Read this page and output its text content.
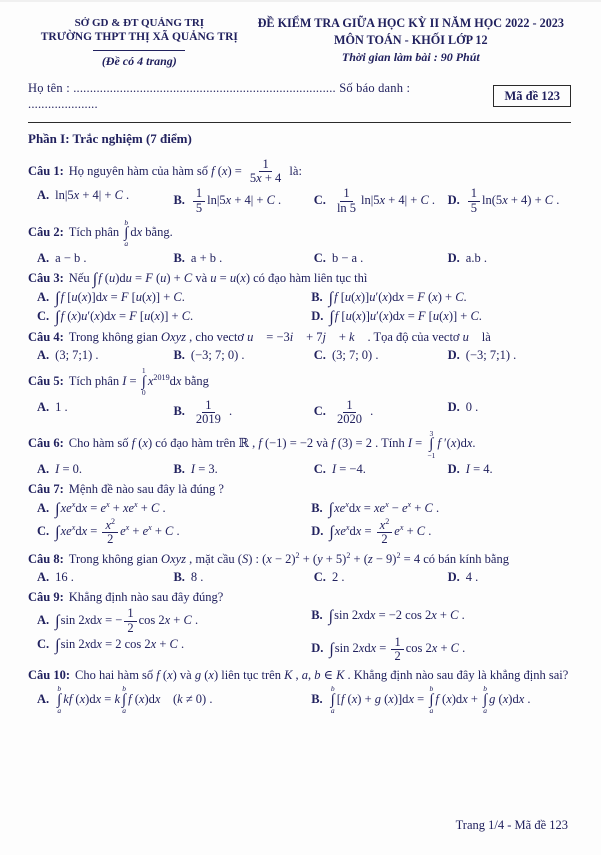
SỞ GD & ĐT QUẢNG TRỊ
TRƯỜNG THPT THỊ XÃ QUẢNG TRỊ
(Đề có 4 trang)
ĐỀ KIỂM TRA GIỮA HỌC KỲ II NĂM HỌC 2022 - 2023
MÔN TOÁN - KHỐI LỚP 12
Thời gian làm bài : 90 Phút
Họ tên : ............................................................................... Số báo danh : .....................
Mã đề 123
Phần I: Trắc nghiệm (7 điểm)
Câu 1: Họ nguyên hàm của hàm số f $(x) = \frac{1}{5x + 4}$ là:
A. ln|5x + 4| + C .	B. $\frac{1}{5} \ln|5x + 4| + C$ .	C. $\frac{1}{\ln 5} \ln|5x + 4| + C$ .	D. $\frac{1}{5} \ln(5x + 4) + C$ .
Câu 2: Tích phân
b
∫
a
dx bằng.
A. a − b .	B. a + b .	C. b − a .	D. a.b .
Câu 3: Nếu ∫f (u)du = F (u) + C và u = u(x) có đạo hàm liên tục thì
A. ∫f [u(x)]dx = F [u(x)] + C.	B. ∫f [u(x)]u′(x)dx = F (x) + C.
C. ∫f (x)u′(x)dx = F [u(x)] + C.	D. ∫f [u(x)]u′(x)dx = F [u(x)] + C.
Câu 4: Trong không gian Oxyz , cho vectơ u⃗ = −3i⃗ + 7j⃗ + k⃗ . Tọa độ của vectơ u⃗ là
A. (3; 7;1) .	B. (−3; 7; 0) .	C. (3; 7; 0) .	D. (−3; 7;1) .
Câu 5: Tích phân I =
1
∫
0
$x^{2019}dx$ bằng
A. 1 .	B. $\frac{1}{2019}$ .	C. $\frac{1}{2020}$ .	D. 0 .
Câu 6: Cho hàm số f (x) có đạo hàm trên ℝ , f (−1) = −2 và f (3) = 2 . Tính I =
3
∫
−1
f ′(x)dx.
A. I = 0.	B. I = 3.	C. I = −4.	D. I = 4.
Câu 7: Mệnh đề nào sau đây là đúng ?
A. $\int xe^xdx = e^x + xe^x + C$ .	B. $\int xe^xdx = xe^x - e^x + C$ .
C. $\int xe^xdx = \frac{x^2}{2} e^x + e^x + C$ .	D. $\int xe^xdx = \frac{x^2}{2} e^x + C$ .
Câu 8: Trong không gian Oxyz , mặt cầu (S) : $(x - 2)^2 + (y + 5)^2 + (z - 9)^2 = 4$ có bán kính bằng
A. 16 .	B. 8 .	C. 2 .	D. 4 .
Câu 9: Khẳng định nào sau đây đúng?
A. ∫sin 2xdx = − $\frac{1}{2}$ cos 2x + C .	B. ∫sin 2xdx = −2 cos 2x + C .
C. ∫sin 2xdx = 2 cos 2x + C .	D. ∫sin $2xdx = \frac{1}{2}$ cos 2x + C .
Câu 10: Cho hai hàm số f (x) và g (x) liên tục trên K , a, b ∈ K . Khẳng định nào sau đây là khẳng định sai?
A.
b
∫
a
kf (x)dx = k
b
∫
a
f (x)dx    (k ≠ 0) .	B.
b
∫
a
[f (x) + g (x)]dx =
b
∫
a
f (x)dx +
b
∫
a
g (x)dx .
Trang 1/4 - Mã đề 123
